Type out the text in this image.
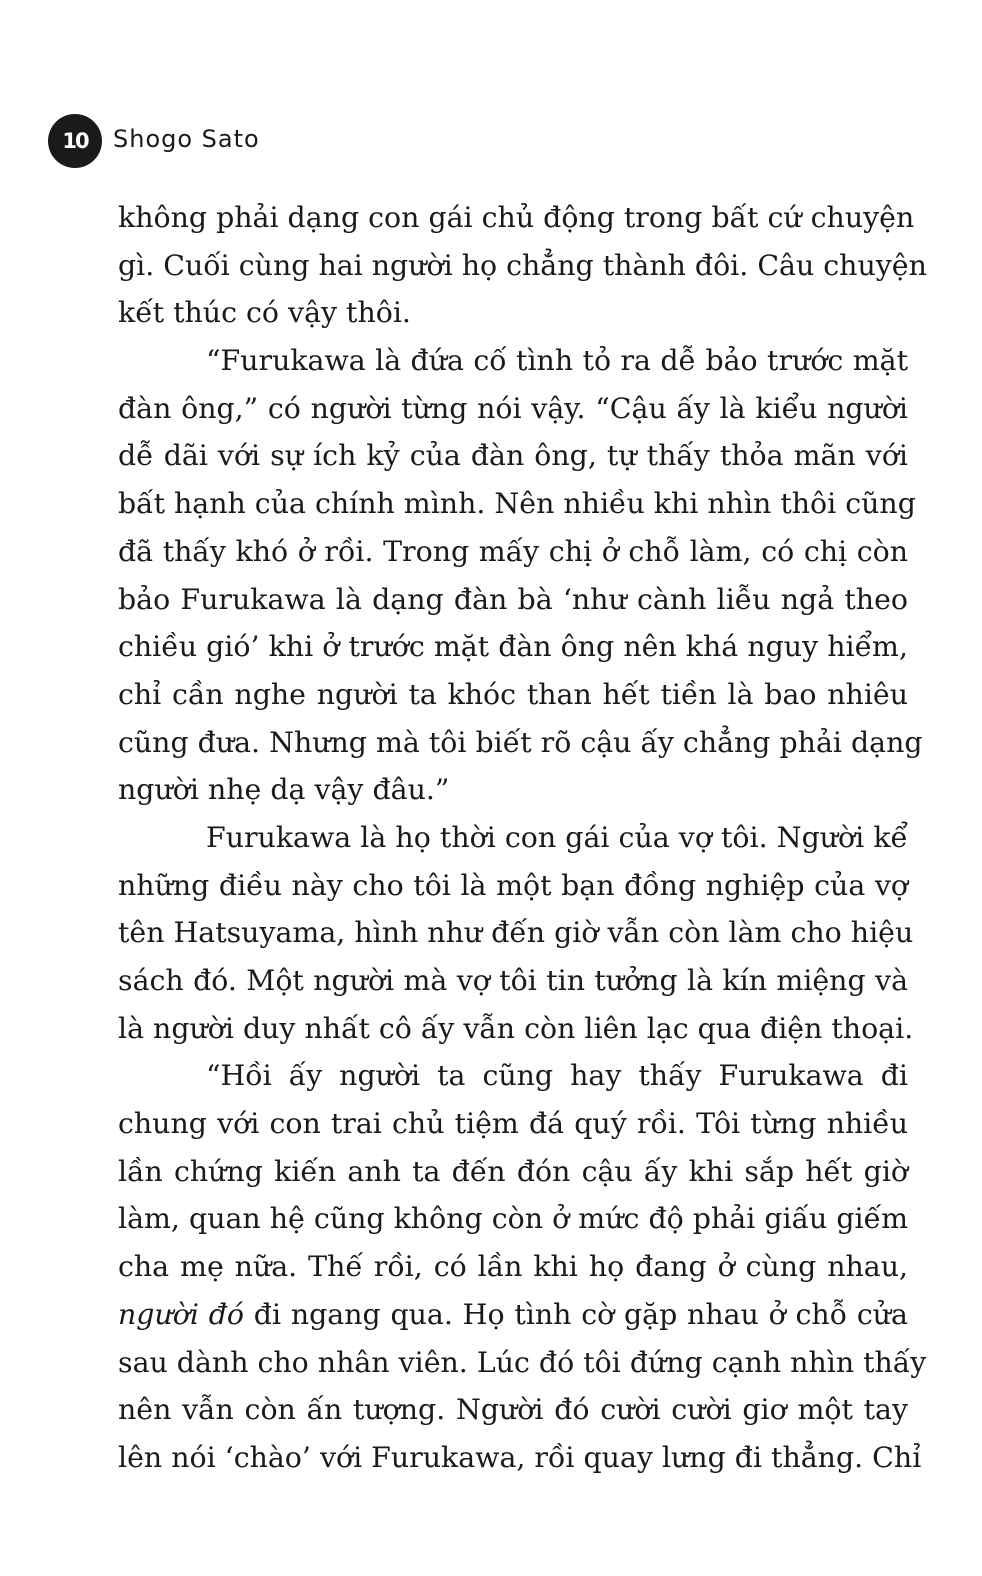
10	Shogo Sato
không phải dạng con gái chủ động trong bất cứ chuyện
gì. Cuối cùng hai người họ chẳng thành đôi. Câu chuyện
kết thúc có vậy thôi.
“Furukawa là đứa cố tình tỏ ra dễ bảo trước mặt
đàn ông,” có người từng nói vậy. “Cậu ấy là kiểu người
dễ dãi với sự ích kỷ của đàn ông, tự thấy thỏa mãn với
bất hạnh của chính mình. Nên nhiều khi nhìn thôi cũng
đã thấy khó ở rồi. Trong mấy chị ở chỗ làm, có chị còn
bảo Furukawa là dạng đàn bà ‘như cành liễu ngả theo
chiều gió’ khi ở trước mặt đàn ông nên khá nguy hiểm,
chỉ cần nghe người ta khóc than hết tiền là bao nhiêu
cũng đưa. Nhưng mà tôi biết rõ cậu ấy chẳng phải dạng
người nhẹ dạ vậy đâu.”
Furukawa là họ thời con gái của vợ tôi. Người kể
những điều này cho tôi là một bạn đồng nghiệp của vợ
tên Hatsuyama, hình như đến giờ vẫn còn làm cho hiệu
sách đó. Một người mà vợ tôi tin tưởng là kín miệng và
là người duy nhất cô ấy vẫn còn liên lạc qua điện thoại.
“Hồi ấy người ta cũng hay thấy Furukawa đi
chung với con trai chủ tiệm đá quý rồi. Tôi từng nhiều
lần chứng kiến anh ta đến đón cậu ấy khi sắp hết giờ
làm, quan hệ cũng không còn ở mức độ phải giấu giếm
cha mẹ nữa. Thế rồi, có lần khi họ đang ở cùng nhau,
người đó đi ngang qua. Họ tình cờ gặp nhau ở chỗ cửa
sau dành cho nhân viên. Lúc đó tôi đứng cạnh nhìn thấy
nên vẫn còn ấn tượng. Người đó cười cười giơ một tay
lên nói ‘chào’ với Furukawa, rồi quay lưng đi thẳng. Chỉ
